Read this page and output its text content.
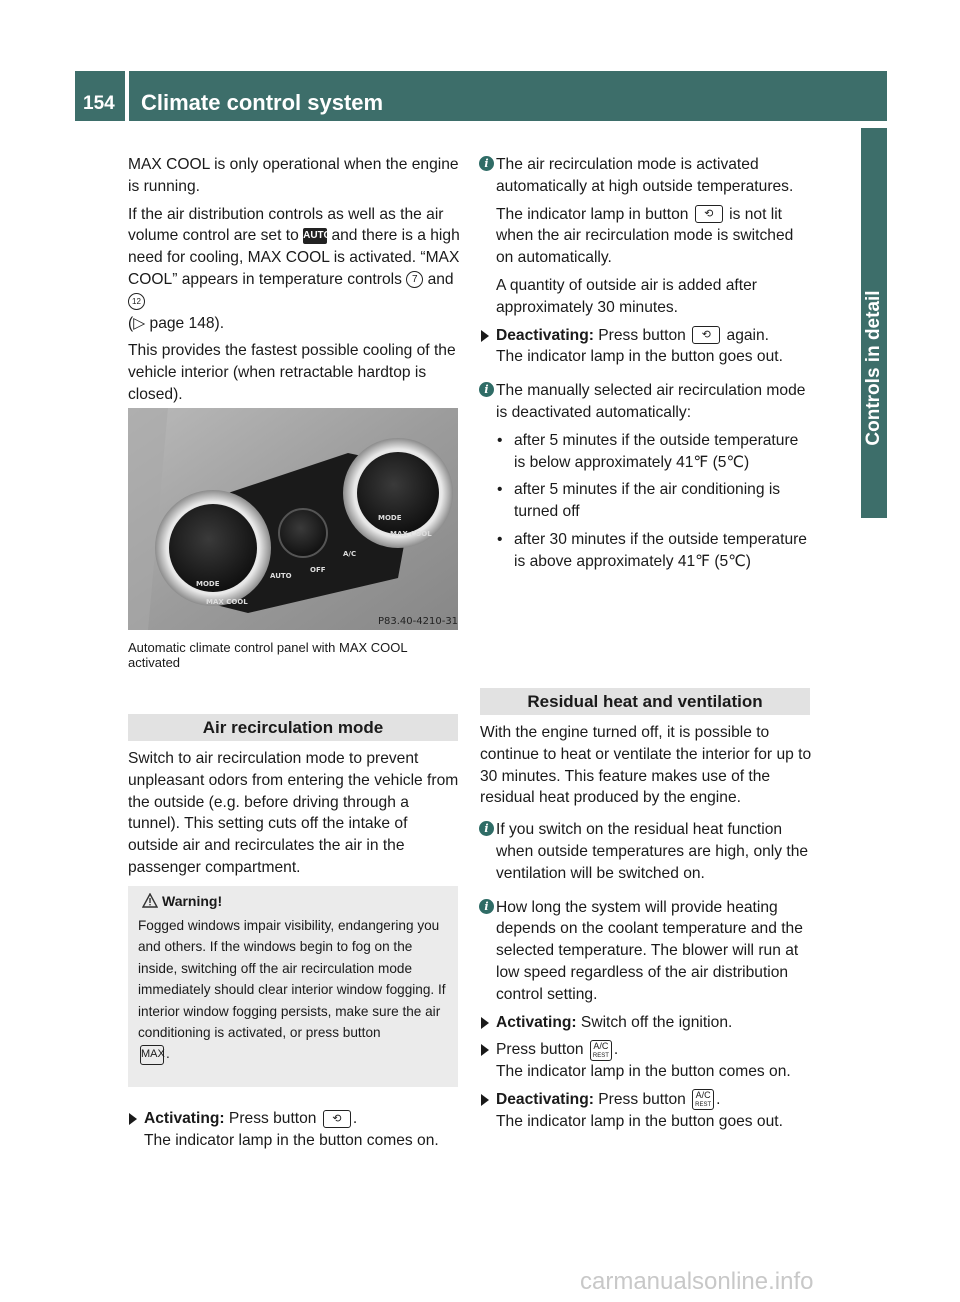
154 Climate control system
Controls in detail

MAX COOL is only operational when the engine is running.

If the air distribution controls as well as the air volume control are set to AUTO and there is a high need for cooling, MAX COOL is activated. “MAX COOL” appears in temperature controls 7 and 12
(▷ page 148).

This provides the fastest possible cooling of the vehicle interior (when retractable hardtop is closed).

MODE
MAX COOL
AUTO
OFF
A/C
MODE
MAX COOL
P83.40-4210-31
Automatic climate control panel with MAX COOL activated
Air recirculation mode

Switch to air recirculation mode to prevent unpleasant odors from entering the vehicle from the outside (e.g. before driving through a tunnel). This setting cuts off the intake of outside air and recirculates the air in the passenger compartment.

Warning!
Fogged windows impair visibility, endangering you and others. If the windows begin to fog on the inside, switching off the air recirculation mode immediately should clear interior window fogging. If interior window fogging persists, make sure the air conditioning is activated, or press button
MAX.
Activating: Press button ⟲ .
The indicator lamp in the button comes on.
i The air recirculation mode is activated automatically at high outside temperatures.

The indicator lamp in button ⟲ is not lit when the air recirculation mode is switched on automatically.

A quantity of outside air is added after approximately 30 minutes.

Deactivating: Press button ⟲ again.
The indicator lamp in the button goes out.
i The manually selected air recirculation mode is deactivated automatically:

• after 5 minutes if the outside temperature is below approximately 41℉ (5℃)
• after 5 minutes if the air conditioning is turned off
• after 30 minutes if the outside temperature is above approximately 41℉ (5℃)
Residual heat and ventilation

With the engine turned off, it is possible to continue to heat or ventilate the interior for up to 30 minutes. This feature makes use of the residual heat produced by the engine.

i If you switch on the residual heat function when outside temperatures are high, only the ventilation will be switched on.

i How long the system will provide heating depends on the coolant temperature and the selected temperature. The blower will run at low speed regardless of the air distribution control setting.

Activating: Switch off the ignition.
Press button A/C
REST .
The indicator lamp in the button comes on.
Deactivating: Press button A/C
REST .
The indicator lamp in the button goes out.
carmanualsonline.info
